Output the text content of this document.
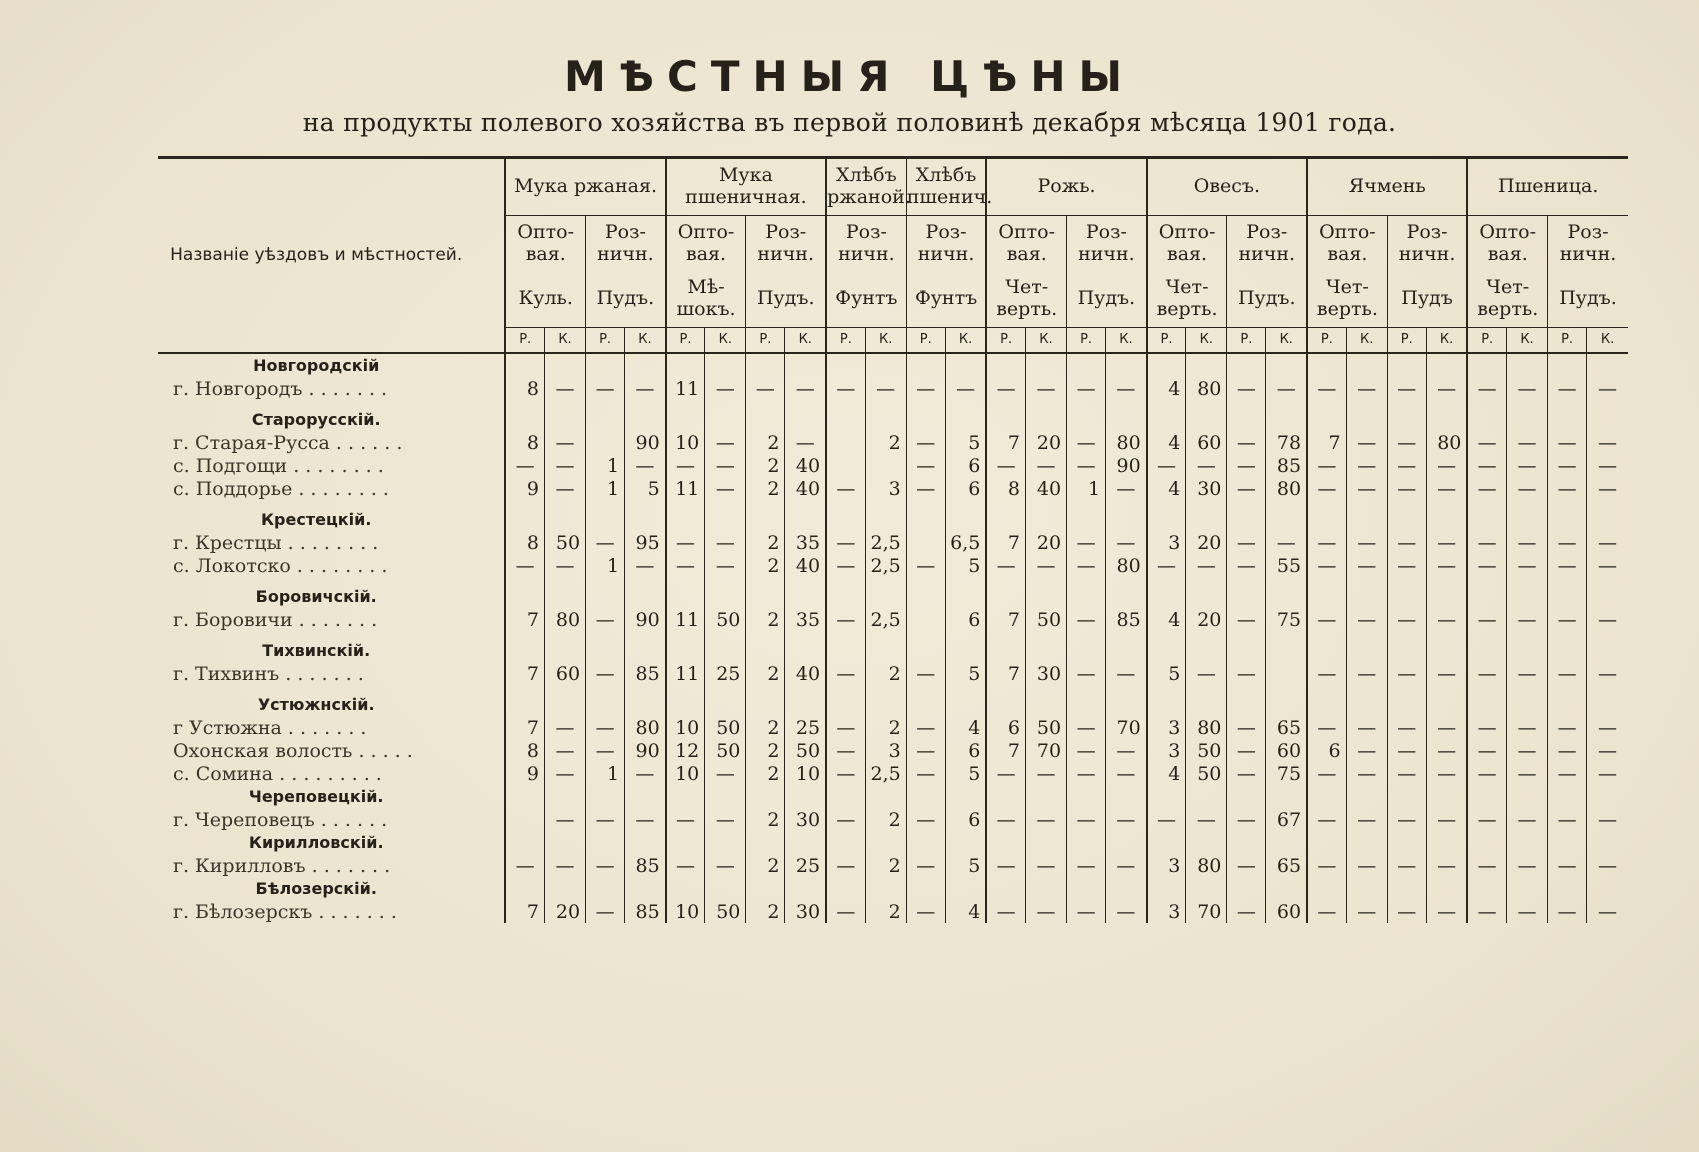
МѢСТНЫЯ ЦѢНЫ
на продукты полевого хозяйства въ первой половинѣ декабря мѣсяца 1901 года.
Названіе уѣздовъ и мѣстностей.	Мука ржаная.				Мука пшеничная.				Хлѣбъ ржаной.		Хлѣбъ пшенич.		Рожь.				Овесъ.				Ячмень				Пшеница.			
	Опто-вая.		Роз-ничн.		Опто-вая.		Роз-ничн.		Роз-ничн.		Роз-ничн.		Опто-вая.		Роз-ничн.		Опто-вая.		Роз-ничн.		Опто-вая.		Роз-ничн.		Опто-вая.		Роз-ничн.	
	Куль.		Пудъ.		Мѣ-шокъ.		Пудъ.		Фунтъ		Фунтъ		Чет-верть.		Пудъ.		Чет-верть.		Пудъ.		Чет-верть.		Пудъ		Чет-верть.		Пудъ.	
	Р.	К.	Р.	К.	Р.	К.	Р.	К.	Р.	К.	Р.	К.	Р.	К.	Р.	К.	Р.	К.	Р.	К.	Р.	К.	Р.	К.	Р.	К.	Р.	К.
Новгородскій																												
г. Новгородъ . . . . . . .	8	—	—	—	11	—	—	—	—	—	—	—	—	—	—	—	4	80	—	—	—	—	—	—	—	—	—	—

Старорусскій.																												
г. Старая-Русса . . . . . .	8	—		90	10	—	2	—		2	—	5	7	20	—	80	4	60	—	78	7	—	—	80	—	—	—	—
с. Подгощи . . . . . . . .	—	—	1	—	—	—	2	40			—	6	—	—	—	90	—	—	—	85	—	—	—	—	—	—	—	—
с. Поддорье . . . . . . . .	9	—	1	5	11	—	2	40	—	3	—	6	8	40	1	—	4	30	—	80	—	—	—	—	—	—	—	—

Крестецкій.																												
г. Крестцы . . . . . . . .	8	50	—	95	—	—	2	35	—	2,5		6,5	7	20	—	—	3	20	—	—	—	—	—	—	—	—	—	—
с. Локотско . . . . . . . .	—	—	1	—	—	—	2	40	—	2,5	—	5	—	—	—	80	—	—	—	55	—	—	—	—	—	—	—	—

Боровичскій.																												
г. Боровичи . . . . . . .	7	80	—	90	11	50	2	35	—	2,5		6	7	50	—	85	4	20	—	75	—	—	—	—	—	—	—	—

Тихвинскій.																												
г. Тихвинъ . . . . . . .	7	60	—	85	11	25	2	40	—	2	—	5	7	30	—	—	5	—	—		—	—	—	—	—	—	—	—

Устюжнскій.																												
г Устюжна . . . . . . .	7	—	—	80	10	50	2	25	—	2	—	4	6	50	—	70	3	80	—	65	—	—	—	—	—	—	—	—
Охонская волость . . . . .	8	—	—	90	12	50	2	50	—	3	—	6	7	70	—	—	3	50	—	60	6	—	—	—	—	—	—	—
с. Сомина . . . . . . . . .	9	—	1	—	10	—	2	10	—	2,5	—	5	—	—	—	—	4	50	—	75	—	—	—	—	—	—	—	—
Череповецкій.																												
г. Череповецъ . . . . . .		—	—	—	—	—	2	30	—	2	—	6	—	—	—	—	—	—	—	67	—	—	—	—	—	—	—	—
Кирилловскій.																												
г. Кирилловъ . . . . . . .	—	—	—	85	—	—	2	25	—	2	—	5	—	—	—	—	3	80	—	65	—	—	—	—	—	—	—	—
Бѣлозерскій.																												
г. Бѣлозерскъ . . . . . . .	7	20	—	85	10	50	2	30	—	2	—	4	—	—	—	—	3	70	—	60	—	—	—	—	—	—	—	—
